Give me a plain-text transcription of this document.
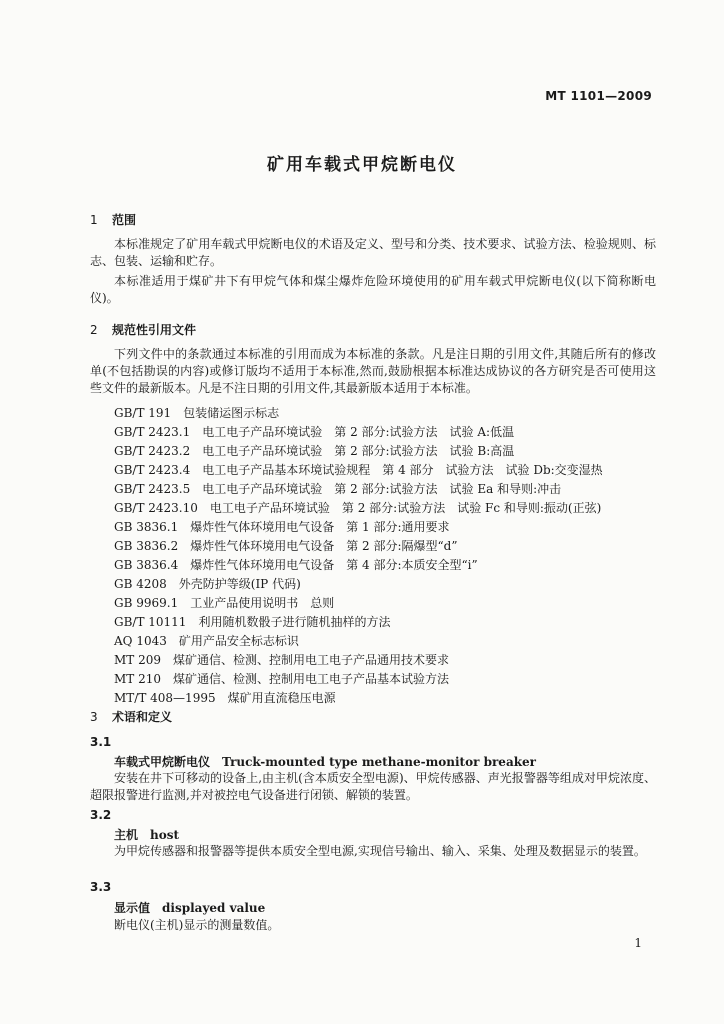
MT 1101—2009
矿用车载式甲烷断电仪
1 范围
本标准规定了矿用车载式甲烷断电仪的术语及定义、型号和分类、技术要求、试验方法、检验规则、标志、包装、运输和贮存。
本标准适用于煤矿井下有甲烷气体和煤尘爆炸危险环境使用的矿用车载式甲烷断电仪(以下简称断电仪)。
2 规范性引用文件
下列文件中的条款通过本标准的引用而成为本标准的条款。凡是注日期的引用文件,其随后所有的修改单(不包括勘误的内容)或修订版均不适用于本标准,然而,鼓励根据本标准达成协议的各方研究是否可使用这些文件的最新版本。凡是不注日期的引用文件,其最新版本适用于本标准。
GB/T 191　包装储运图示标志
GB/T 2423.1　电工电子产品环境试验　第 2 部分:试验方法　试验 A:低温
GB/T 2423.2　电工电子产品环境试验　第 2 部分:试验方法　试验 B:高温
GB/T 2423.4　电工电子产品基本环境试验规程　第 4 部分　试验方法　试验 Db:交变湿热
GB/T 2423.5　电工电子产品环境试验　第 2 部分:试验方法　试验 Ea 和导则:冲击
GB/T 2423.10　电工电子产品环境试验　第 2 部分:试验方法　试验 Fc 和导则:振动(正弦)
GB 3836.1　爆炸性气体环境用电气设备　第 1 部分:通用要求
GB 3836.2　爆炸性气体环境用电气设备　第 2 部分:隔爆型“d”
GB 3836.4　爆炸性气体环境用电气设备　第 4 部分:本质安全型“i”
GB 4208　外壳防护等级(IP 代码)
GB 9969.1　工业产品使用说明书　总则
GB/T 10111　利用随机数骰子进行随机抽样的方法
AQ 1043　矿用产品安全标志标识
MT 209　煤矿通信、检测、控制用电工电子产品通用技术要求
MT 210　煤矿通信、检测、控制用电工电子产品基本试验方法
MT/T 408—1995　煤矿用直流稳压电源
3 术语和定义
3.1
车载式甲烷断电仪 Truck-mounted type methane-monitor breaker
安装在井下可移动的设备上,由主机(含本质安全型电源)、甲烷传感器、声光报警器等组成对甲烷浓度、超限报警进行监测,并对被控电气设备进行闭锁、解锁的装置。
3.2
主机 host
为甲烷传感器和报警器等提供本质安全型电源,实现信号输出、输入、采集、处理及数据显示的装置。
3.3
显示值 displayed value
断电仪(主机)显示的测量数值。
1
